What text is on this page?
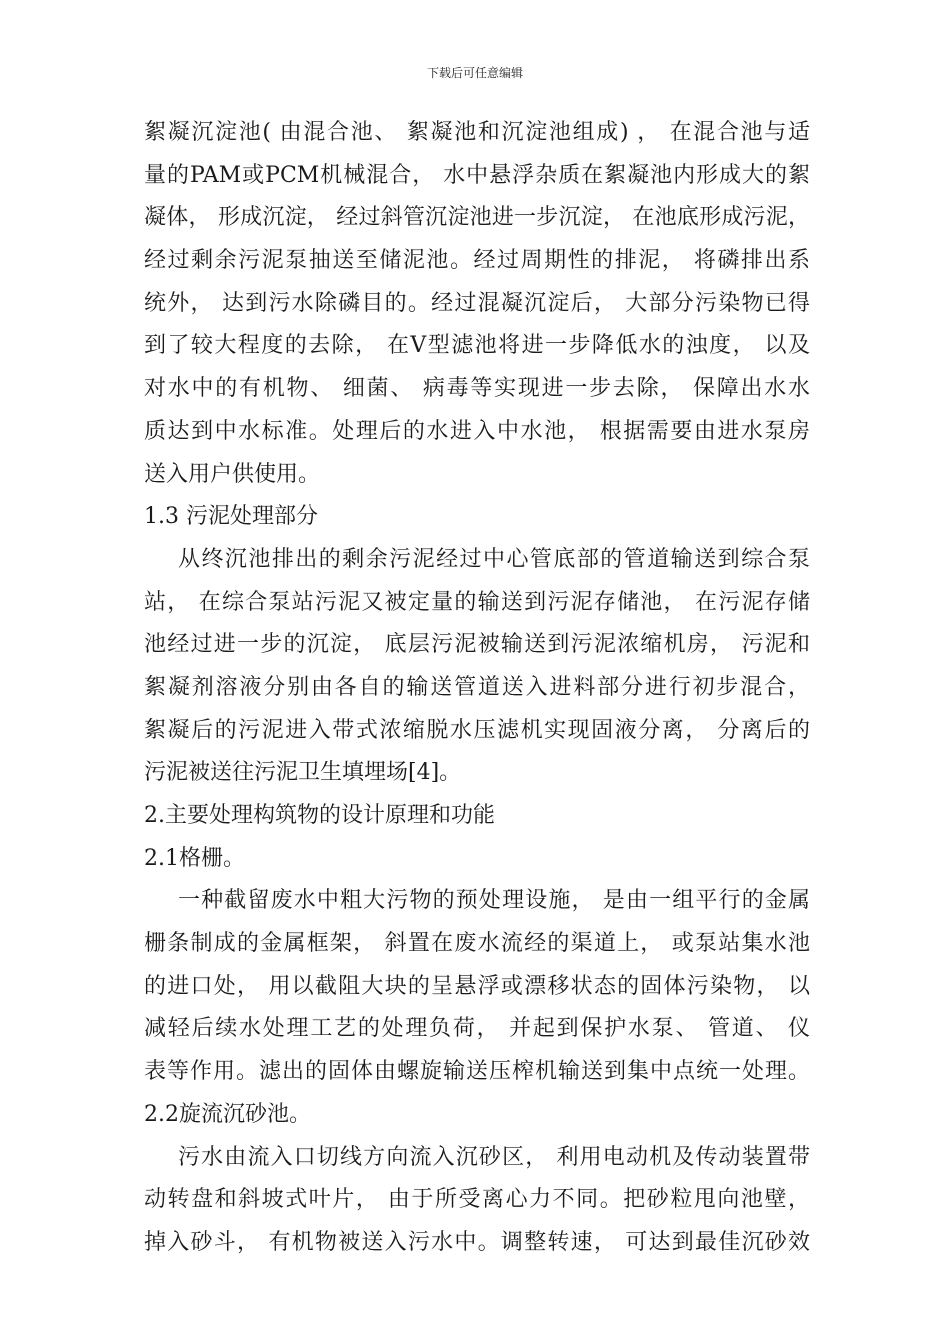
下载后可任意编辑
絮凝沉淀池( 由混合池、 絮凝池和沉淀池组成) ， 在混合池与适
量的PAM或PCM机械混合， 水中悬浮杂质在絮凝池内形成大的絮
凝体， 形成沉淀， 经过斜管沉淀池进一步沉淀， 在池底形成污泥，
经过剩余污泥泵抽送至储泥池。经过周期性的排泥， 将磷排出系
统外， 达到污水除磷目的。经过混凝沉淀后， 大部分污染物已得
到了较大程度的去除， 在V型滤池将进一步降低水的浊度， 以及
对水中的有机物、 细菌、 病毒等实现进一步去除， 保障出水水
质达到中水标准。处理后的水进入中水池， 根据需要由进水泵房
送入用户供使用。
1.3 污泥处理部分
从终沉池排出的剩余污泥经过中心管底部的管道输送到综合泵
站， 在综合泵站污泥又被定量的输送到污泥存储池， 在污泥存储
池经过进一步的沉淀， 底层污泥被输送到污泥浓缩机房， 污泥和
絮凝剂溶液分别由各自的输送管道送入进料部分进行初步混合，
絮凝后的污泥进入带式浓缩脱水压滤机实现固液分离， 分离后的
污泥被送往污泥卫生填埋场[4]。
2.主要处理构筑物的设计原理和功能
2.1格栅。
一种截留废水中粗大污物的预处理设施， 是由一组平行的金属
栅条制成的金属框架， 斜置在废水流经的渠道上， 或泵站集水池
的进口处， 用以截阻大块的呈悬浮或漂移状态的固体污染物， 以
减轻后续水处理工艺的处理负荷， 并起到保护水泵、 管道、 仪
表等作用。滤出的固体由螺旋输送压榨机输送到集中点统一处理。
2.2旋流沉砂池。
污水由流入口切线方向流入沉砂区， 利用电动机及传动装置带
动转盘和斜坡式叶片， 由于所受离心力不同。把砂粒甩向池壁，
掉入砂斗， 有机物被送入污水中。调整转速， 可达到最佳沉砂效
